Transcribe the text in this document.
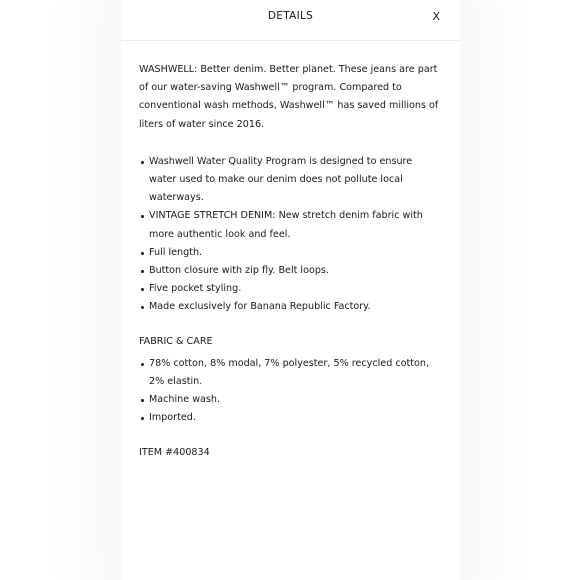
DETAILS	X

WASHWELL: Better denim. Better planet. These jeans are part of our water-saving Washwell™ program. Compared to conventional wash methods, Washwell™ has saved millions of liters of water since 2016.

Washwell Water Quality Program is designed to ensure water used to make our denim does not pollute local waterways.
VINTAGE STRETCH DENIM: New stretch denim fabric with more authentic look and feel.
Full length.
Button closure with zip fly. Belt loops.
Five pocket styling.
Made exclusively for Banana Republic Factory.
FABRIC & CARE
78% cotton, 8% modal, 7% polyester, 5% recycled cotton, 2% elastin.
Machine wash.
Imported.

ITEM #400834
